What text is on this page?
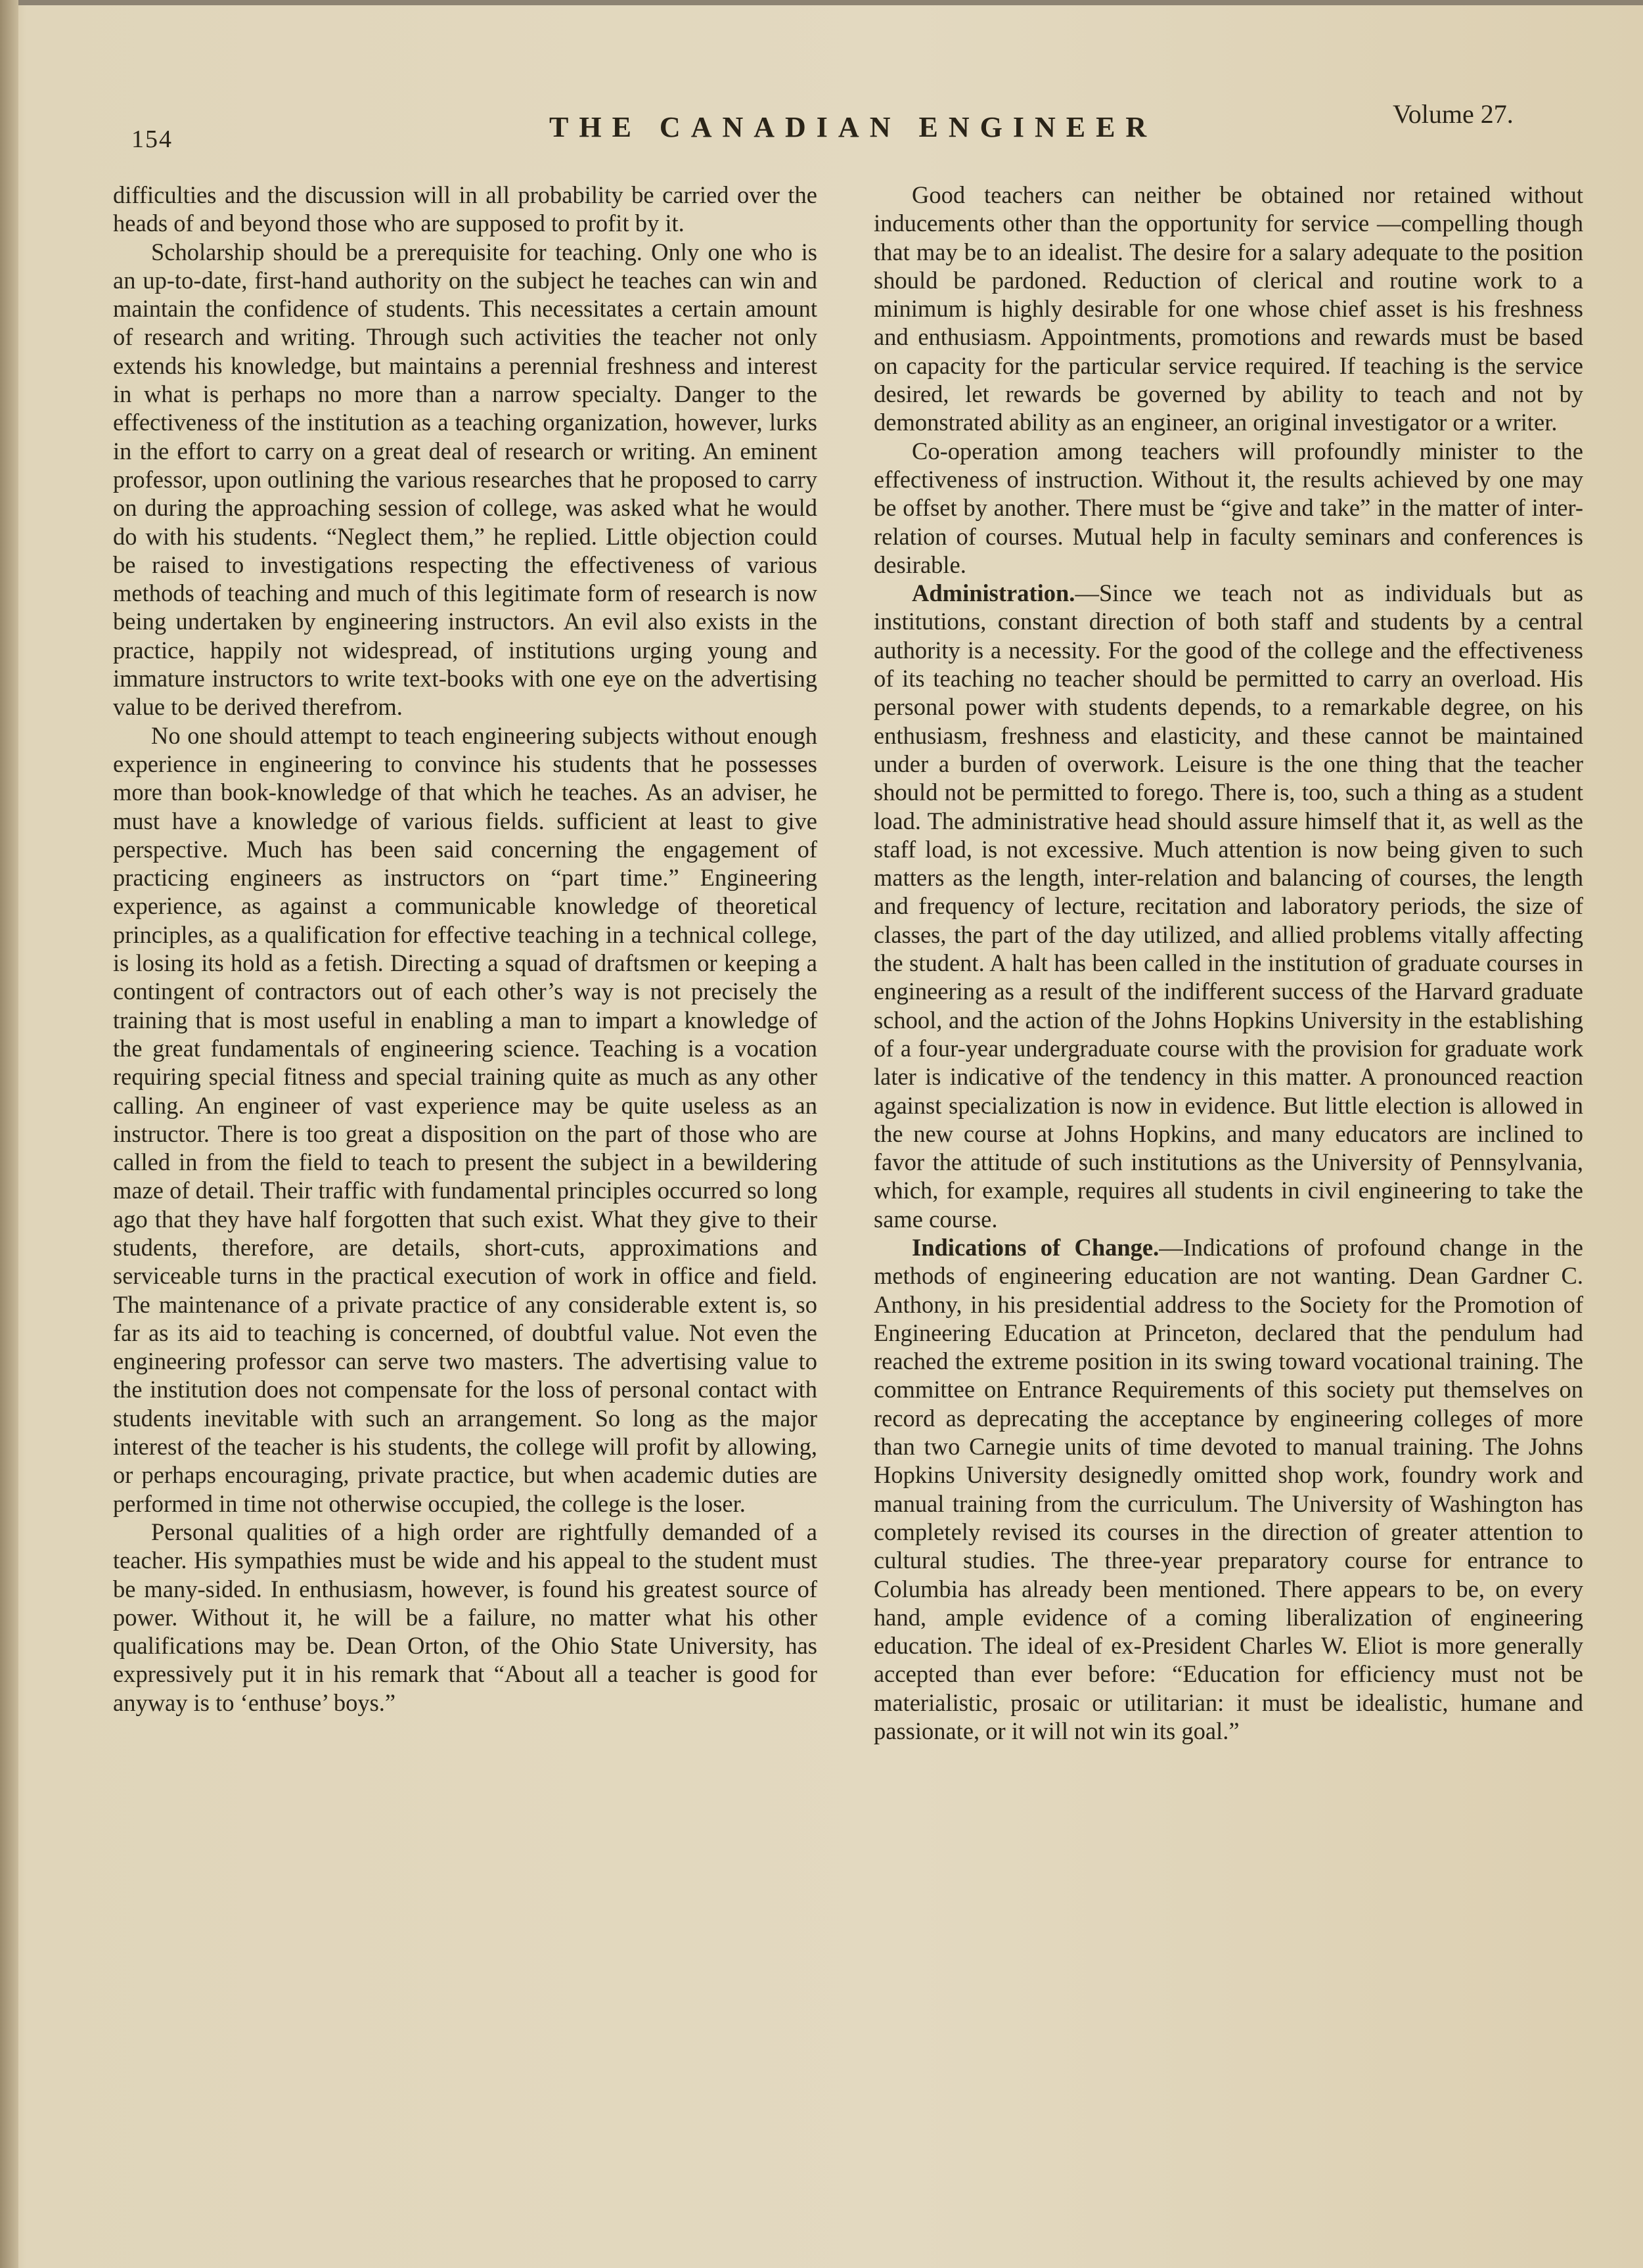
154	THE CANADIAN ENGINEER	Volume 27.

difficulties and the discussion will in all probability be carried over the heads of and beyond those who are supposed to profit by it.

Scholarship should be a prerequisite for teaching. Only one who is an up-to-date, first-hand authority on the subject he teaches can win and maintain the confidence of students. This necessitates a certain amount of research and writing. Through such activities the teacher not only extends his knowledge, but maintains a perennial freshness and interest in what is perhaps no more than a narrow specialty. Danger to the effectiveness of the institution as a teaching organization, however, lurks in the effort to carry on a great deal of research or writing. An eminent professor, upon outlining the various researches that he proposed to carry on during the approaching session of college, was asked what he would do with his students. “Neglect them,” he replied. Little objection could be raised to investigations respecting the effectiveness of various methods of teaching and much of this legitimate form of research is now being undertaken by engineering instructors. An evil also exists in the practice, happily not widespread, of institutions urging young and immature instructors to write text-books with one eye on the advertising value to be derived therefrom.

No one should attempt to teach engineering subjects without enough experience in engineering to convince his students that he possesses more than book-knowledge of that which he teaches. As an adviser, he must have a knowledge of various fields. sufficient at least to give perspective. Much has been said concerning the engagement of practicing engineers as instructors on “part time.” Engineering experience, as against a communicable knowledge of theoretical principles, as a qualification for effective teaching in a technical college, is losing its hold as a fetish. Directing a squad of draftsmen or keeping a contingent of contractors out of each other’s way is not precisely the training that is most useful in enabling a man to impart a knowledge of the great fundamentals of engineering science. Teaching is a vocation requiring special fitness and special training quite as much as any other calling. An engineer of vast experience may be quite useless as an instructor. There is too great a disposition on the part of those who are called in from the field to teach to present the subject in a bewildering maze of detail. Their traffic with fundamental principles occurred so long ago that they have half forgotten that such exist. What they give to their students, therefore, are details, short-cuts, approximations and serviceable turns in the practical execution of work in office and field. The maintenance of a private practice of any considerable extent is, so far as its aid to teaching is concerned, of doubtful value. Not even the engineering professor can serve two masters. The advertising value to the institution does not compensate for the loss of personal contact with students inevitable with such an arrangement. So long as the major interest of the teacher is his students, the college will profit by allowing, or perhaps encouraging, private practice, but when academic duties are performed in time not otherwise occupied, the college is the loser.

Personal qualities of a high order are rightfully demanded of a teacher. His sympathies must be wide and his appeal to the student must be many-sided. In enthusiasm, however, is found his greatest source of power. Without it, he will be a failure, no matter what his other qualifications may be. Dean Orton, of the Ohio State University, has expressively put it in his remark that “About all a teacher is good for anyway is to ‘enthuse’ boys.”

Good teachers can neither be obtained nor retained without inducements other than the opportunity for service —compelling though that may be to an idealist. The desire for a salary adequate to the position should be pardoned. Reduction of clerical and routine work to a minimum is highly desirable for one whose chief asset is his freshness and enthusiasm. Appointments, promotions and rewards must be based on capacity for the particular service required. If teaching is the service desired, let rewards be governed by ability to teach and not by demonstrated ability as an engineer, an original investigator or a writer.

Co-operation among teachers will profoundly minister to the effectiveness of instruction. Without it, the results achieved by one may be offset by another. There must be “give and take” in the matter of inter-relation of courses. Mutual help in faculty seminars and conferences is desirable.

Administration.—Since we teach not as individuals but as institutions, constant direction of both staff and students by a central authority is a necessity. For the good of the college and the effectiveness of its teaching no teacher should be permitted to carry an overload. His personal power with students depends, to a remarkable degree, on his enthusiasm, freshness and elasticity, and these cannot be maintained under a burden of overwork. Leisure is the one thing that the teacher should not be permitted to forego. There is, too, such a thing as a student load. The administrative head should assure himself that it, as well as the staff load, is not excessive. Much attention is now being given to such matters as the length, inter-relation and balancing of courses, the length and frequency of lecture, recitation and laboratory periods, the size of classes, the part of the day utilized, and allied problems vitally affecting the student. A halt has been called in the institution of graduate courses in engineering as a result of the indifferent success of the Harvard graduate school, and the action of the Johns Hopkins University in the establishing of a four-year undergraduate course with the provision for graduate work later is indicative of the tendency in this matter. A pronounced reaction against specialization is now in evidence. But little election is allowed in the new course at Johns Hopkins, and many educators are inclined to favor the attitude of such institutions as the University of Pennsylvania, which, for example, requires all students in civil engineering to take the same course.

Indications of Change.—Indications of profound change in the methods of engineering education are not wanting. Dean Gardner C. Anthony, in his presidential address to the Society for the Promotion of Engineering Education at Princeton, declared that the pendulum had reached the extreme position in its swing toward vocational training. The committee on Entrance Requirements of this society put themselves on record as deprecating the acceptance by engineering colleges of more than two Carnegie units of time devoted to manual training. The Johns Hopkins University designedly omitted shop work, foundry work and manual training from the curriculum. The University of Washington has completely revised its courses in the direction of greater attention to cultural studies. The three-year preparatory course for entrance to Columbia has already been mentioned. There appears to be, on every hand, ample evidence of a coming liberalization of engineering education. The ideal of ex-President Charles W. Eliot is more generally accepted than ever before: “Education for efficiency must not be materialistic, prosaic or utilitarian: it must be idealistic, humane and passionate, or it will not win its goal.”
